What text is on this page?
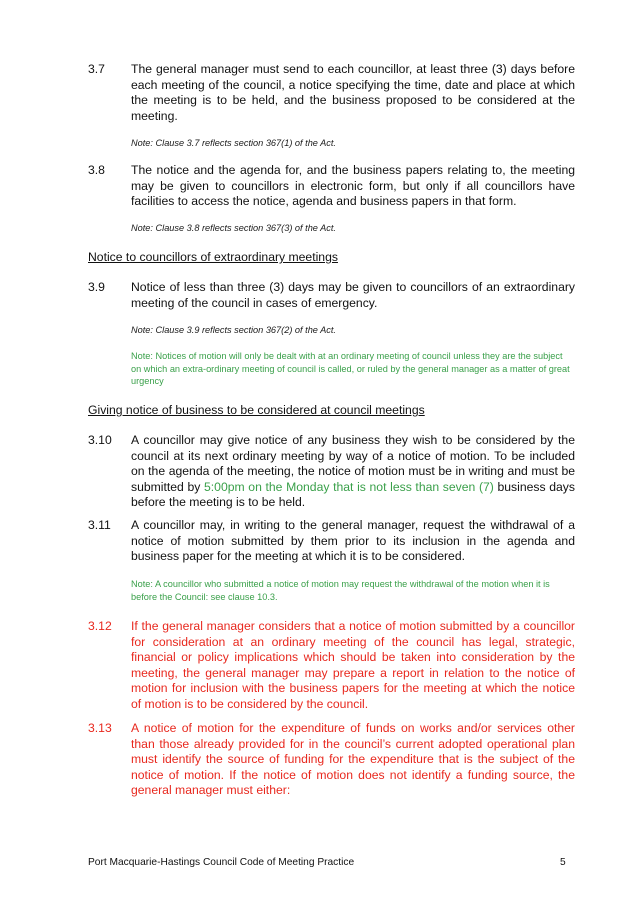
3.7 The general manager must send to each councillor, at least three (3) days before each meeting of the council, a notice specifying the time, date and place at which the meeting is to be held, and the business proposed to be considered at the meeting.
Note: Clause 3.7 reflects section 367(1) of the Act.
3.8 The notice and the agenda for, and the business papers relating to, the meeting may be given to councillors in electronic form, but only if all councillors have facilities to access the notice, agenda and business papers in that form.
Note: Clause 3.8 reflects section 367(3) of the Act.
Notice to councillors of extraordinary meetings
3.9 Notice of less than three (3) days may be given to councillors of an extraordinary meeting of the council in cases of emergency.
Note: Clause 3.9 reflects section 367(2) of the Act.
Note: Notices of motion will only be dealt with at an ordinary meeting of council unless they are the subject on which an extra-ordinary meeting of council is called, or ruled by the general manager as a matter of great urgency
Giving notice of business to be considered at council meetings
3.10 A councillor may give notice of any business they wish to be considered by the council at its next ordinary meeting by way of a notice of motion. To be included on the agenda of the meeting, the notice of motion must be in writing and must be submitted by 5:00pm on the Monday that is not less than seven (7) business days before the meeting is to be held.
3.11 A councillor may, in writing to the general manager, request the withdrawal of a notice of motion submitted by them prior to its inclusion in the agenda and business paper for the meeting at which it is to be considered.
Note: A councillor who submitted a notice of motion may request the withdrawal of the motion when it is before the Council: see clause 10.3.
3.12 If the general manager considers that a notice of motion submitted by a councillor for consideration at an ordinary meeting of the council has legal, strategic, financial or policy implications which should be taken into consideration by the meeting, the general manager may prepare a report in relation to the notice of motion for inclusion with the business papers for the meeting at which the notice of motion is to be considered by the council.
3.13 A notice of motion for the expenditure of funds on works and/or services other than those already provided for in the council’s current adopted operational plan must identify the source of funding for the expenditure that is the subject of the notice of motion. If the notice of motion does not identify a funding source, the general manager must either:
Port Macquarie-Hastings Council Code of Meeting Practice	5
